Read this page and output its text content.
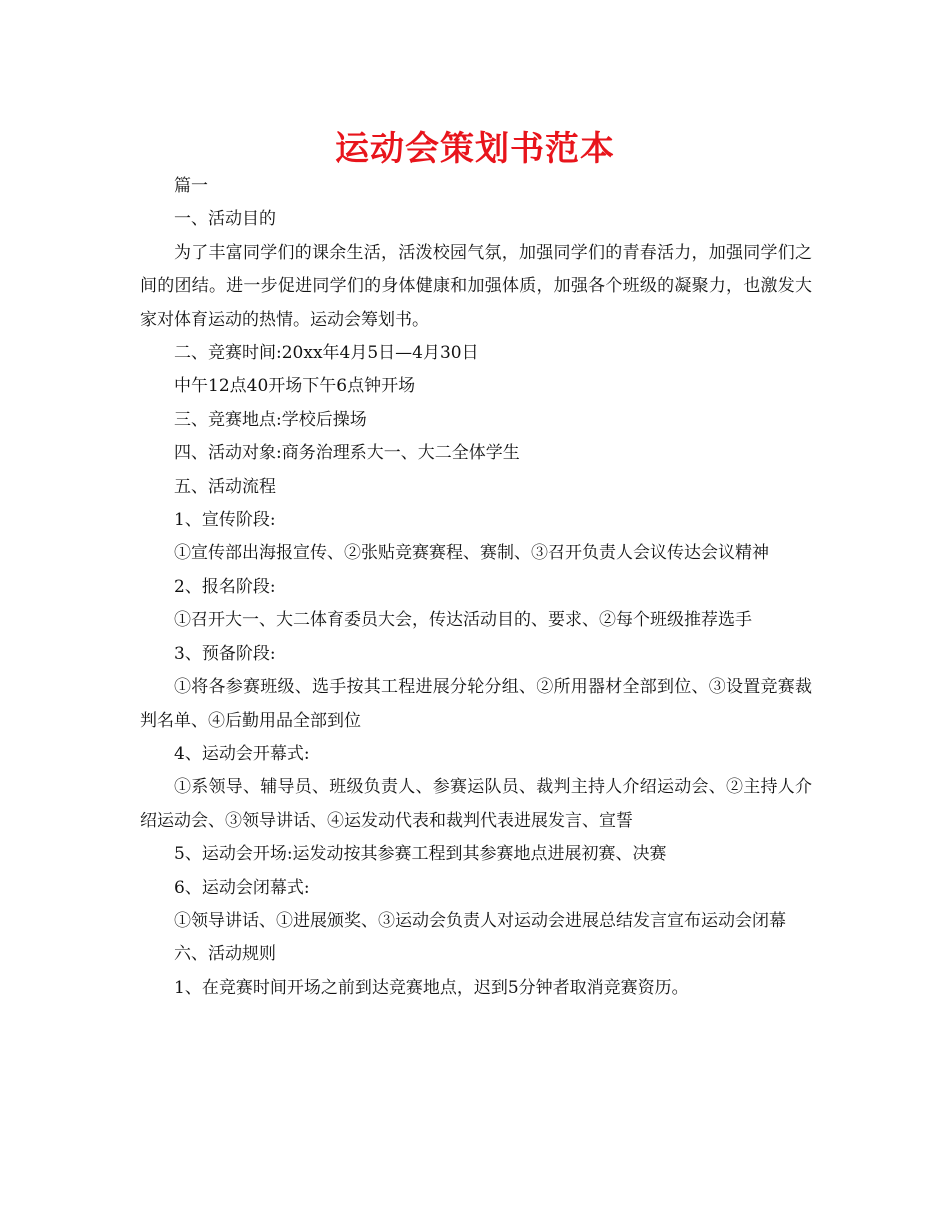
运动会策划书范本

篇一

一、活动目的

为了丰富同学们的课余生活，活泼校园气氛，加强同学们的青春活力，加强同学们之间的团结。进一步促进同学们的身体健康和加强体质，加强各个班级的凝聚力，也激发大家对体育运动的热情。运动会筹划书。

二、竞赛时间:20xx年4月5日—4月30日

中午12点40开场下午6点钟开场

三、竞赛地点:学校后操场

四、活动对象:商务治理系大一、大二全体学生

五、活动流程

1、宣传阶段:

①宣传部出海报宣传、②张贴竞赛赛程、赛制、③召开负责人会议传达会议精神

2、报名阶段:

①召开大一、大二体育委员大会，传达活动目的、要求、②每个班级推荐选手

3、预备阶段:

①将各参赛班级、选手按其工程进展分轮分组、②所用器材全部到位、③设置竞赛裁判名单、④后勤用品全部到位

4、运动会开幕式:

①系领导、辅导员、班级负责人、参赛运队员、裁判主持人介绍运动会、②主持人介绍运动会、③领导讲话、④运发动代表和裁判代表进展发言、宣誓

5、运动会开场:运发动按其参赛工程到其参赛地点进展初赛、决赛

6、运动会闭幕式:

①领导讲话、①进展颁奖、③运动会负责人对运动会进展总结发言宣布运动会闭幕

六、活动规则

1、在竞赛时间开场之前到达竞赛地点，迟到5分钟者取消竞赛资历。
